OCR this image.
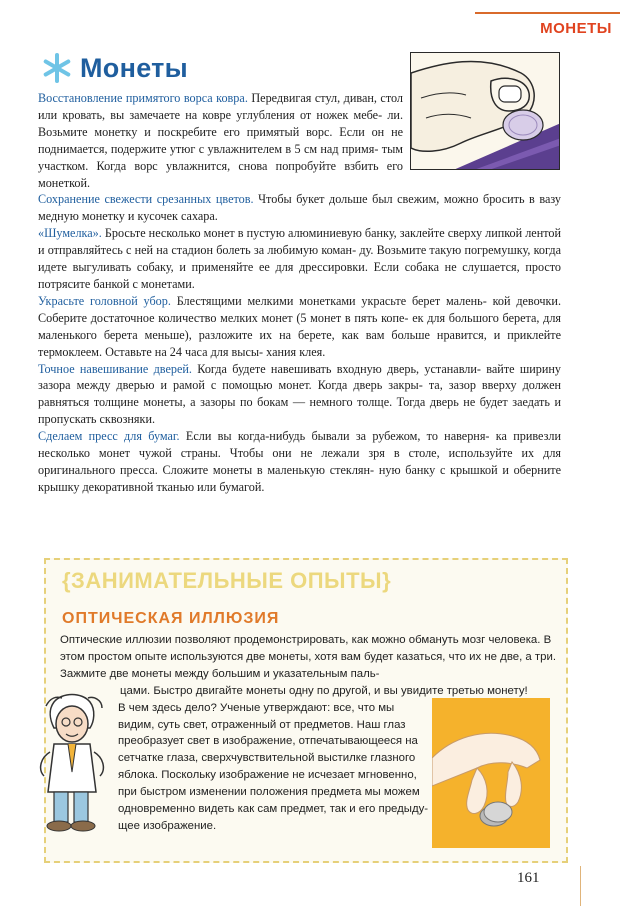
МОНЕТЫ
Монеты

Восстановление примятого ворса ковра. Передвигая стул, диван, стол или кровать, вы замечаете на ковре углубления от ножек мебе- ли. Возьмите монетку и поскребите его примятый ворс. Если он не поднимается, подержите утюг с увлажнителем в 5 см над примя- тым участком. Когда ворс увлажнится, снова попробуйте взбить его монеткой.

Сохранение свежести срезанных цветов. Чтобы букет дольше был свежим, можно бросить в вазу медную монетку и кусочек сахара.

«Шумелка». Бросьте несколько монет в пустую алюминиевую банку, заклейте сверху липкой лентой и отправляйтесь с ней на стадион болеть за любимую коман- ду. Возьмите такую погремушку, когда идете выгуливать собаку, и применяйте ее для дрессировки. Если собака не слушается, просто потрясите банкой с монетами.

Украсьте головной убор. Блестящими мелкими монетками украсьте берет малень- кой девочки. Соберите достаточное количество мелких монет (5 монет в пять копе- ек для большого берета, для маленького берета меньше), разложите их на берете, как вам больше нравится, и приклейте термоклеем. Оставьте на 24 часа для высы- хания клея.

Точное навешивание дверей. Когда будете навешивать входную дверь, устанавли- вайте ширину зазора между дверью и рамой с помощью монет. Когда дверь закры- та, зазор вверху должен равняться толщине монеты, а зазоры по бокам — немного толще. Тогда дверь не будет заедать и пропускать сквозняки.

Сделаем пресс для бумаг. Если вы когда-нибудь бывали за рубежом, то наверня- ка привезли несколько монет чужой страны. Чтобы они не лежали зря в столе, используйте их для оригинального пресса. Сложите монеты в маленькую стеклян- ную банку с крышкой и оберните крышку декоративной тканью или бумагой.

{ЗАНИМАТЕЛЬНЫЕ ОПЫТЫ}
ОПТИЧЕСКАЯ ИЛЛЮЗИЯ

Оптические иллюзии позволяют продемонстрировать, как можно обмануть мозг человека. В этом простом опыте используются две монеты, хотя вам будет казаться, что их не две, а три. Зажмите две монеты между большим и указательным паль-

цами. Быстро двигайте монеты одну по другой, и вы увидите третью монету!

В чем здесь дело? Ученые утверждают: все, что мы
видим, суть свет, отраженный от предметов. Наш глаз
преобразует свет в изображение, отпечатывающееся на
сетчатке глаза, сверхчувствительной выстилке глазного
яблока. Поскольку изображение не исчезает мгновенно,
при быстром изменении положения предмета мы можем
одновременно видеть как сам предмет, так и его предыду-
щее изображение.

161
